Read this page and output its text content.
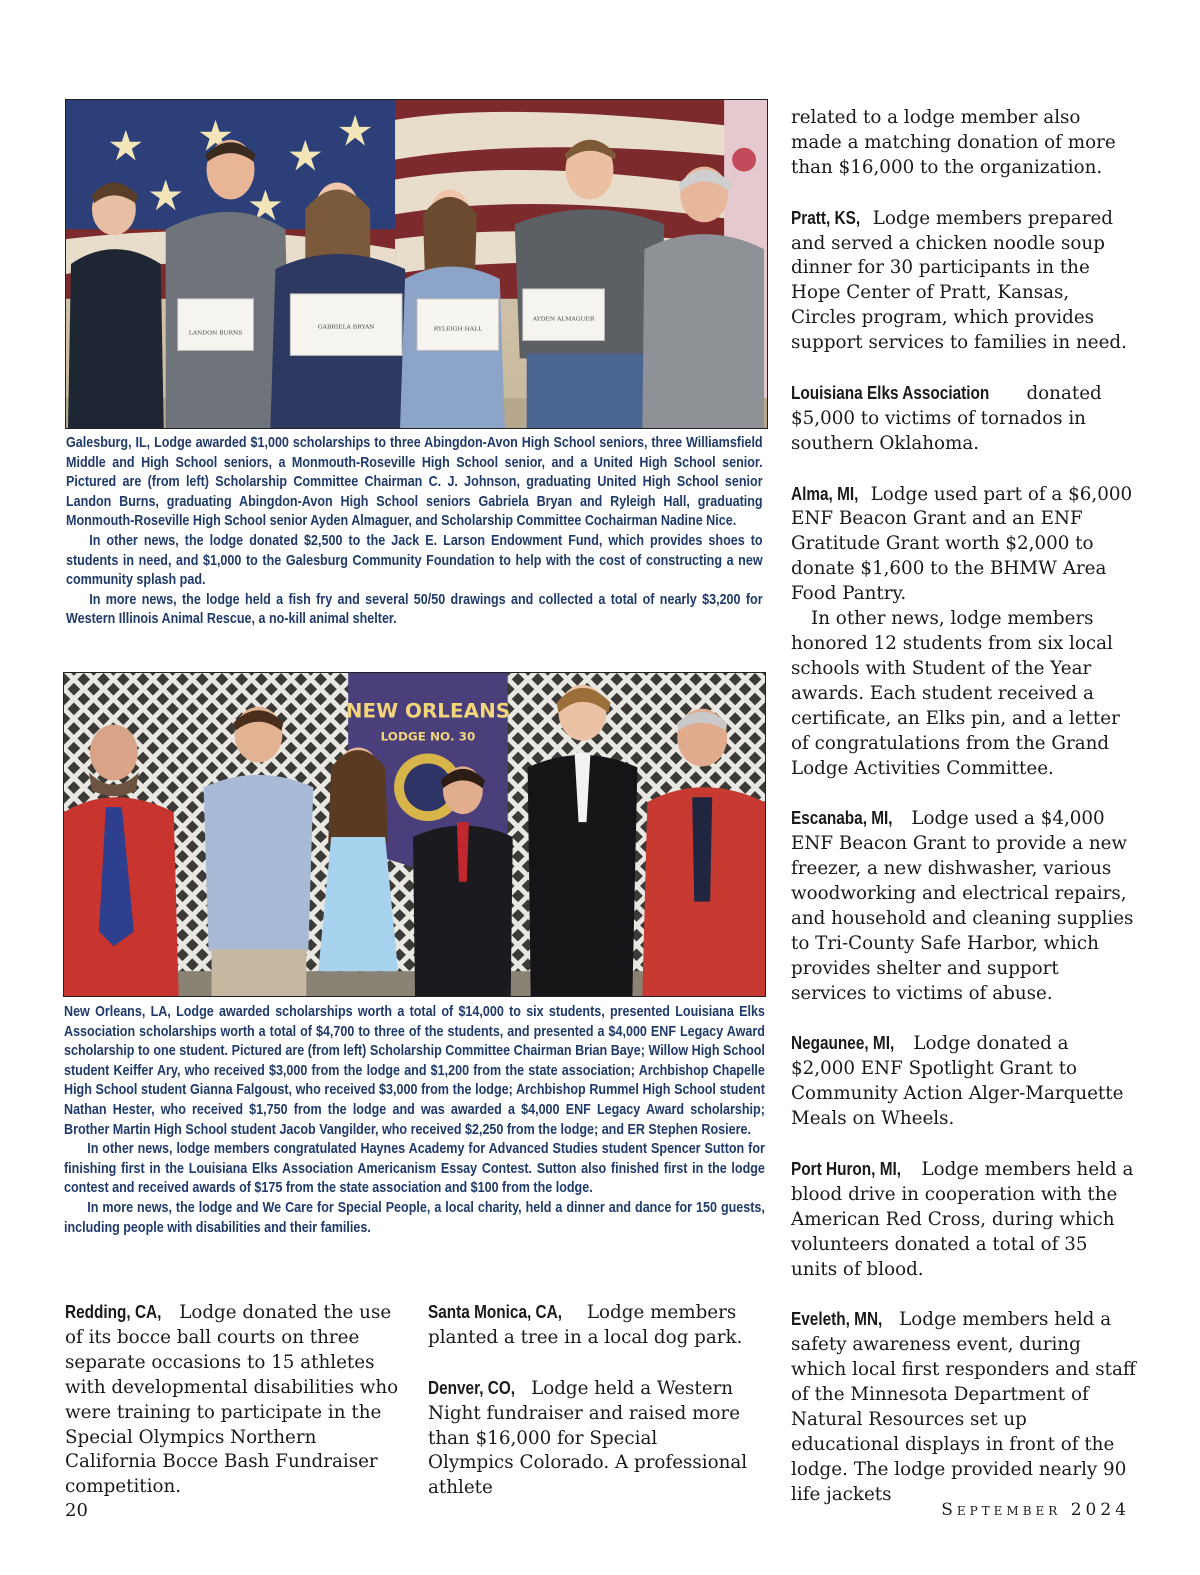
LANDON BURNS
GABRIELA BRYAN	RYLEIGH HALL
AYDEN ALMAGUER

Galesburg, IL, Lodge awarded $1,000 scholarships to three Abingdon-Avon High School seniors, three Williamsfield Middle and High School seniors, a Monmouth-Roseville High School senior, and a United High School senior. Pictured are (from left) Scholarship Committee Chairman C. J. Johnson, graduating United High School senior Landon Burns, graduating Abingdon-Avon High School seniors Gabriela Bryan and Ryleigh Hall, graduating Monmouth-Roseville High School senior Ayden Almaguer, and Scholarship Committee Cochairman Nadine Nice.

In other news, the lodge donated $2,500 to the Jack E. Larson Endowment Fund, which provides shoes to students in need, and $1,000 to the Galesburg Community Foundation to help with the cost of constructing a new community splash pad.

In more news, the lodge held a fish fry and several 50/50 drawings and collected a total of nearly $3,200 for Western Illinois Animal Rescue, a no-kill animal shelter.

NEW ORLEANS
LODGE NO. 30

New Orleans, LA, Lodge awarded scholarships worth a total of $14,000 to six students, presented Louisiana Elks Association scholarships worth a total of $4,700 to three of the students, and presented a $4,000 ENF Legacy Award scholarship to one student. Pictured are (from left) Scholarship Committee Chairman Brian Baye; Willow High School student Keiffer Ary, who received $3,000 from the lodge and $1,200 from the state association; Archbishop Chapelle High School student Gianna Falgoust, who received $3,000 from the lodge; Archbishop Rummel High School student Nathan Hester, who received $1,750 from the lodge and was awarded a $4,000 ENF Legacy Award scholarship; Brother Martin High School student Jacob Vangilder, who received $2,250 from the lodge; and ER Stephen Rosiere.

In other news, lodge members congratulated Haynes Academy for Advanced Studies student Spencer Sutton for finishing first in the Louisiana Elks Association Americanism Essay Contest. Sutton also finished first in the lodge contest and received awards of $175 from the state association and $100 from the lodge.

In more news, the lodge and We Care for Special People, a local charity, held a dinner and dance for 150 guests, including people with disabilities and their families.

Redding, CA, Lodge donated the use of its bocce ball courts on three separate occasions to 15 athletes with developmental disabilities who were training to participate in the Special Olympics Northern California Bocce Bash Fundraiser competition.

Santa Monica, CA, Lodge members planted a tree in a local dog park.

Denver, CO, Lodge held a Western Night fundraiser and raised more than $16,000 for Special Olympics Colorado. A professional athlete

related to a lodge member also made a matching donation of more than $16,000 to the organization.

Pratt, KS, Lodge members prepared and served a chicken noodle soup dinner for 30 participants in the Hope Center of Pratt, Kansas, Circles program, which provides support services to families in need.

Louisiana Elks Association donated $5,000 to victims of tornados in southern Oklahoma.

Alma, MI, Lodge used part of a $6,000 ENF Beacon Grant and an ENF Gratitude Grant worth $2,000 to donate $1,600 to the BHMW Area Food Pantry.

In other news, lodge members honored 12 students from six local schools with Student of the Year awards. Each student received a certificate, an Elks pin, and a letter of congratulations from the Grand Lodge Activities Committee.

Escanaba, MI, Lodge used a $4,000 ENF Beacon Grant to provide a new freezer, a new dishwasher, various woodworking and electrical repairs, and household and cleaning supplies to Tri-County Safe Harbor, which provides shelter and support services to victims of abuse.

Negaunee, MI, Lodge donated a $2,000 ENF Spotlight Grant to Community Action Alger-Marquette Meals on Wheels.

Port Huron, MI, Lodge members held a blood drive in cooperation with the American Red Cross, during which volunteers donated a total of 35 units of blood.

Eveleth, MN, Lodge members held a safety awareness event, during which local first responders and staff of the Minnesota Department of Natural Resources set up educational displays in front of the lodge. The lodge provided nearly 90 life jackets

20	September 2024
